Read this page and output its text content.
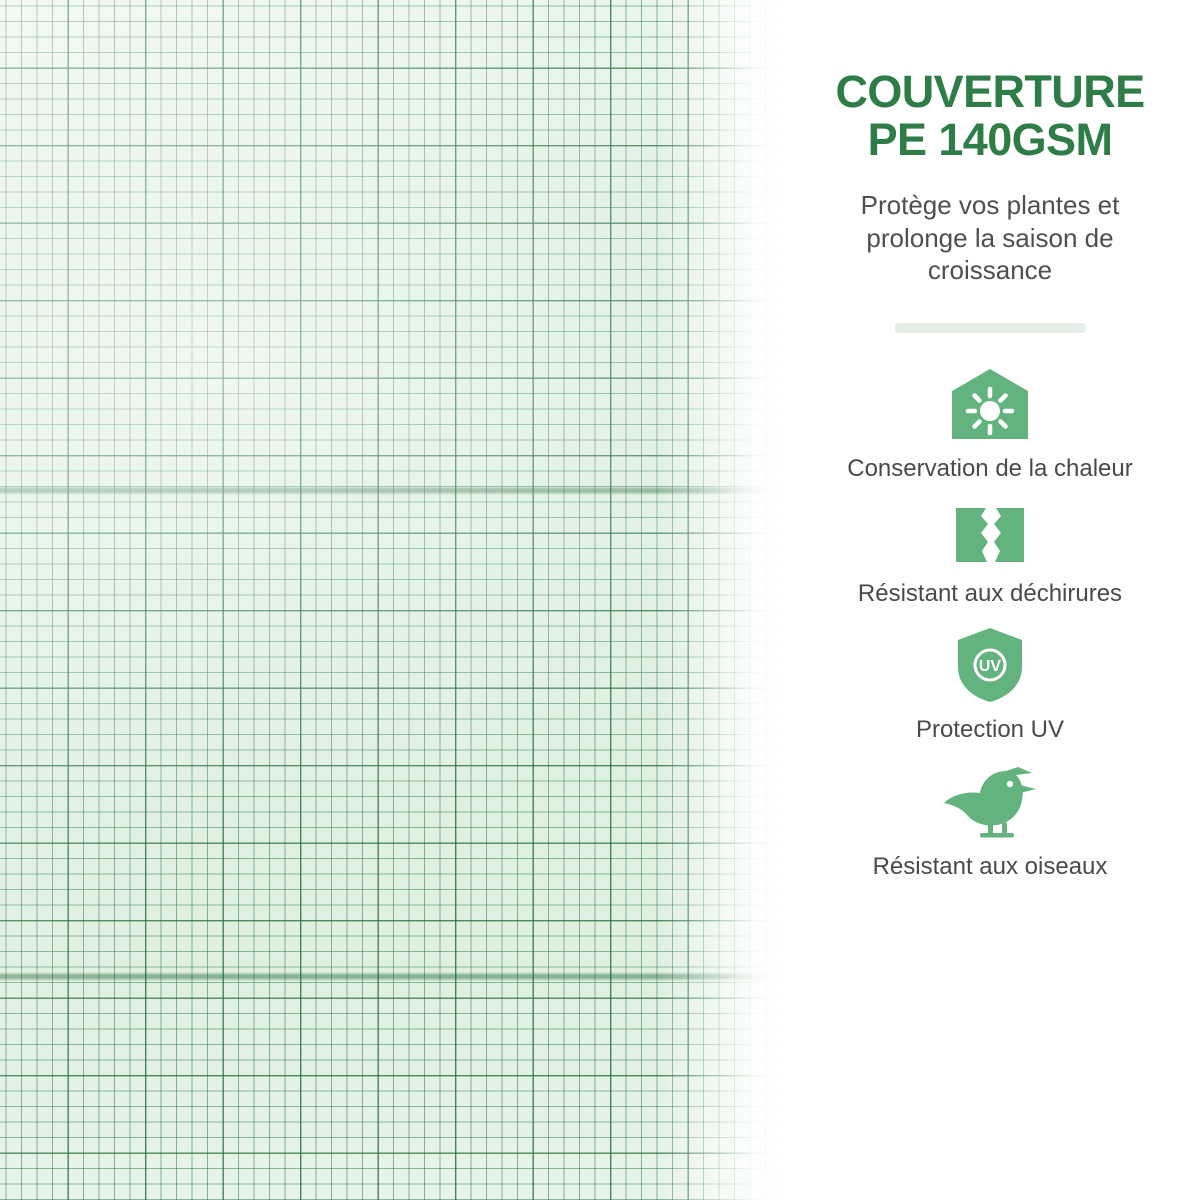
COUVERTURE
PE 140GSM
Protège vos plantes et prolonge la saison de croissance
Conservation de la chaleur
Résistant aux déchirures
UV
Protection UV
Résistant aux oiseaux
